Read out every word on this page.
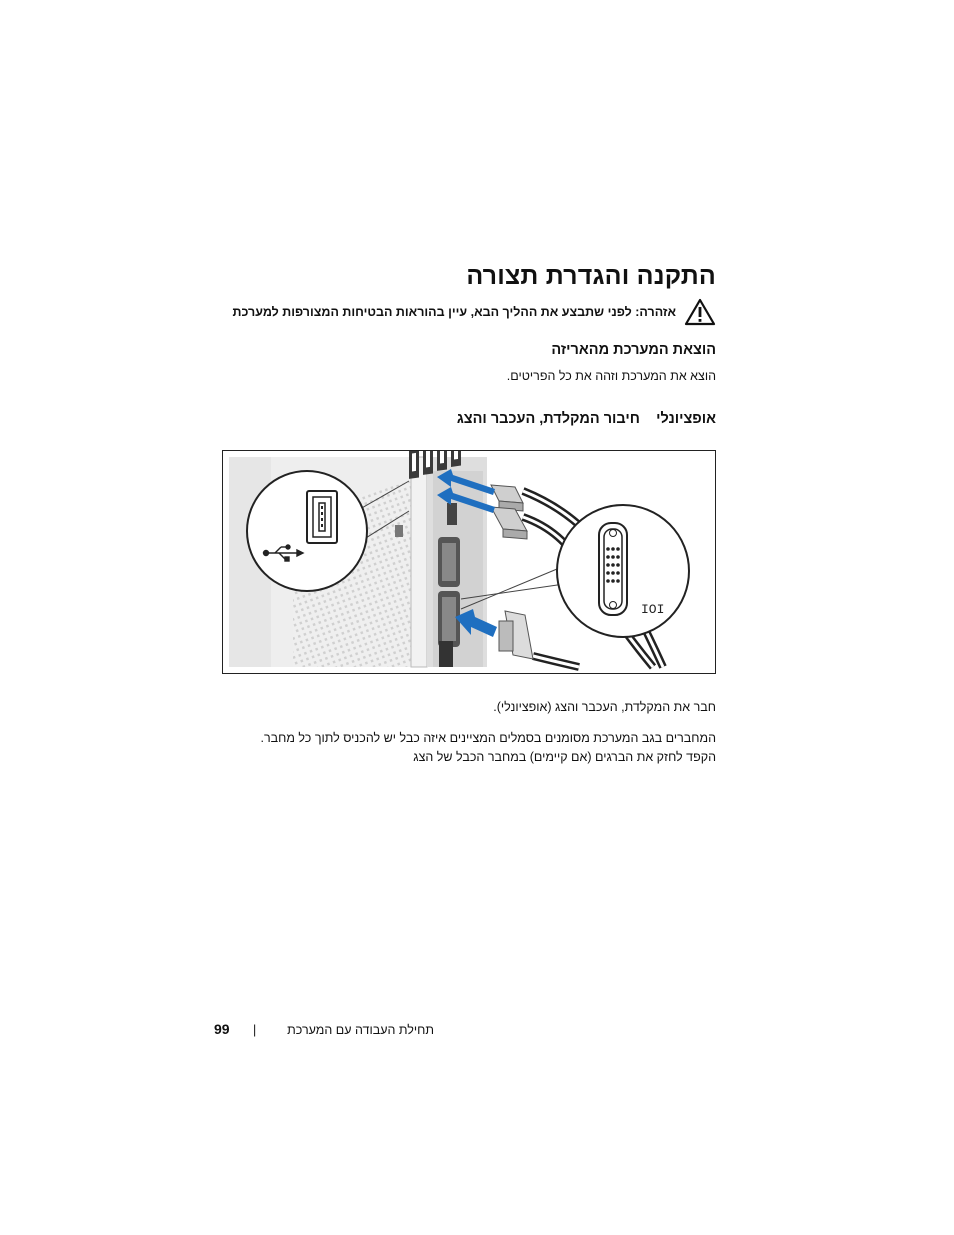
התקנה והגדרת תצורה
אזהרה: לפני שתבצע את ההליך הבא, עיין בהוראות הבטיחות המצורפות למערכת
הוצאת המערכת מהאריזה
הוצא את המערכת וזהה את כל הפריטים.
אופציונלי    חיבור המקלדת, העכבר והצג
IOI
חבר את המקלדת, העכבר והצג (אופציונלי).
המחברים בגב המערכת מסומנים בסמלים המציינים איזה כבל יש להכניס לתוך כל מחבר.
הקפד לחזק את הברגים (אם קיימים) במחבר הכבל של הצג
תחילת העבודה עם המערכת
|
99
